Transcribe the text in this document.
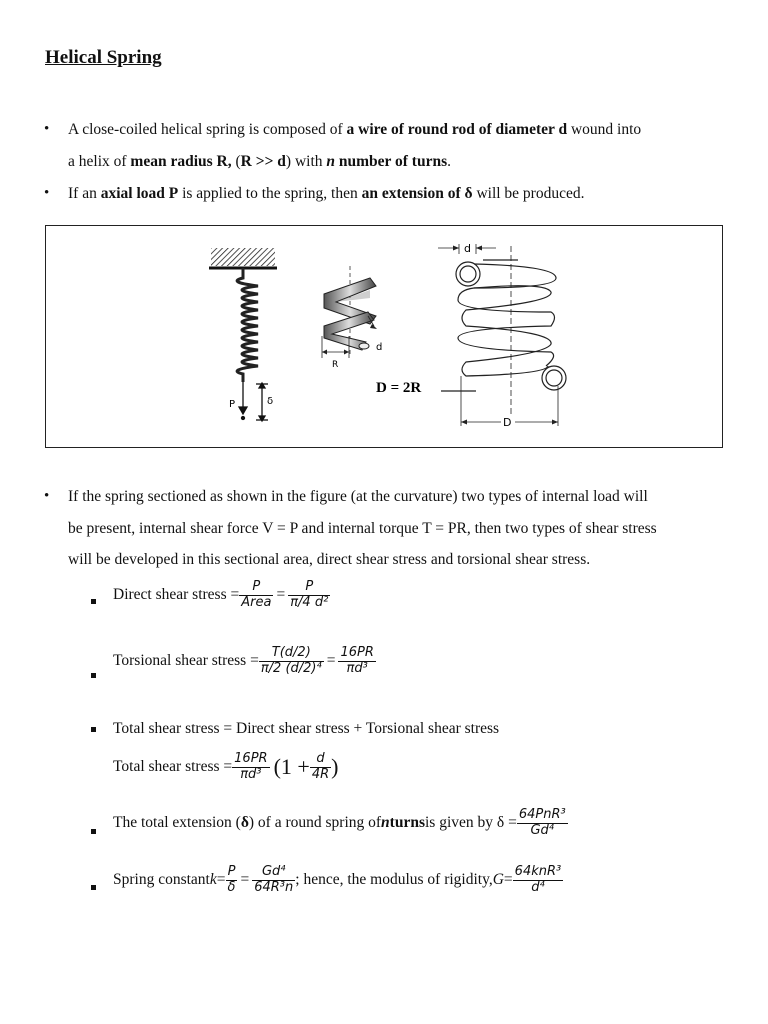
Helical Spring
• A close-coiled helical spring is composed of a wire of round rod of diameter d wound into
a helix of mean radius R, (R >> d) with n number of turns.
• If an axial load P is applied to the spring, then an extension of δ will be produced.
P	δ
R
d
D = 2R
d
D
• If the spring sectioned as shown in the figure (at the curvature) two types of internal load will
be present, internal shear force V = P and internal torque T = PR, then two types of shear stress
will be developed in this sectional area, direct shear stress and torsional shear stress.
Direct shear stress = $\frac{P}{\text{Area}} = \frac{P}{\text{π/4 d²}}$
Torsional shear stress = $\frac{T(d/2)}{\text{π/2 (d/2)⁴}} = \frac{16PR}{\text{πd³}}$
Total shear stress = Direct shear stress + Torsional shear stress
Total shear stress = $\frac{16PR}{\text{πd³}} (1 + \frac{d}{4R}$ )
The total extension ( δ ) of a round spring of n turns is given by $\delta = \frac{\text{64PnR³}}{\text{Gd⁴}}$
Spring constant $k = \frac{P}{\delta} = \frac{\text{Gd⁴}}{\text{64R³n}}$ ; hence, the modulus of rigidity, $G = \frac{\text{64knR³}}{\text{d⁴}}$
